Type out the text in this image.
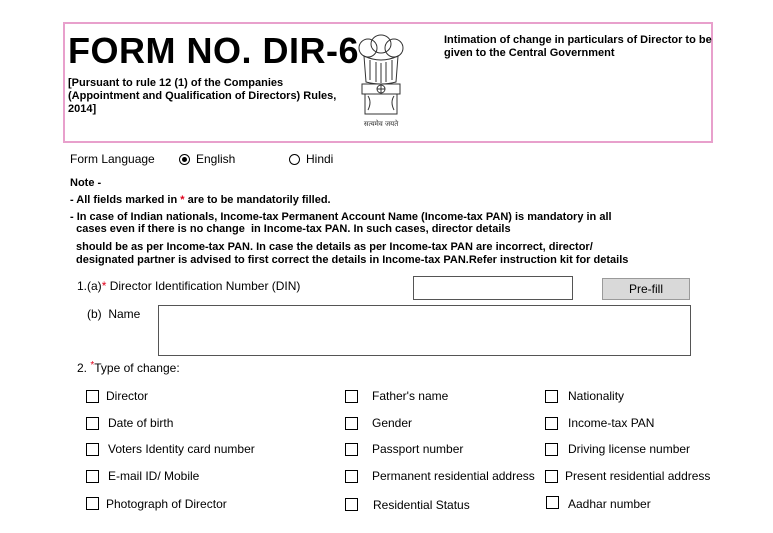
FORM NO. DIR-6
[Pursuant to rule 12 (1) of the Companies (Appointment and Qualification of Directors) Rules, 2014]
सत्यमेव जयते
Intimation of change in particulars of Director to be given to the Central Government
Form Language	English	Hindi
Note -
- All fields marked in * are to be mandatorily filled.
- In case of Indian nationals, Income-tax Permanent Account Name (Income-tax PAN) is mandatory in all
cases even if there is no change  in Income-tax PAN. In such cases, director details
should be as per Income-tax PAN. In case the details as per Income-tax PAN are incorrect, director/
designated partner is advised to first correct the details in Income-tax PAN.Refer instruction kit for details
1.(a)* Director Identification Number (DIN)	Pre-fill
(b) Name
2. *Type of change:
Director	Father's name	Nationality
Date of birth	Gender	Income-tax PAN
Voters Identity card number	Passport number	Driving license number
E-mail ID/ Mobile	Permanent residential address	Present residential address
Photograph of Director	Residential Status	Aadhar number
